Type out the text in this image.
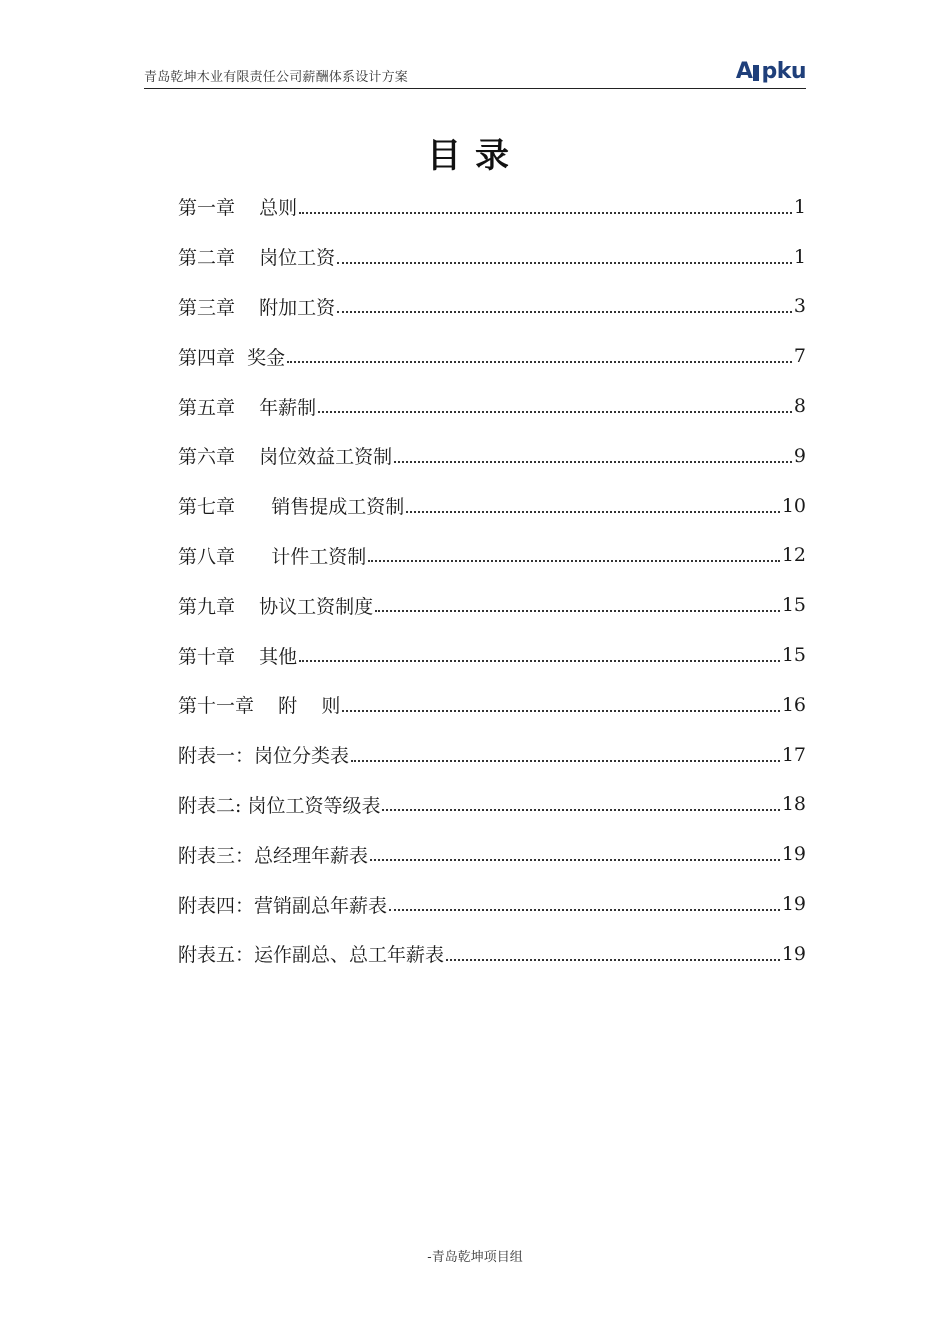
青岛乾坤木业有限责任公司薪酬体系设计方案	A pku
目录
第一章    总则	1
第二章    岗位工资	1
第三章    附加工资	3
第四章  奖金	7
第五章    年薪制	8
第六章    岗位效益工资制	9
第七章      销售提成工资制	10
第八章      计件工资制	12
第九章    协议工资制度	15
第十章    其他	15
第十一章    附    则	16
附表一：岗位分类表	17
附表二: 岗位工资等级表	18
附表三：总经理年薪表	19
附表四：营销副总年薪表	19
附表五：运作副总、总工年薪表	19
-青岛乾坤项目组
